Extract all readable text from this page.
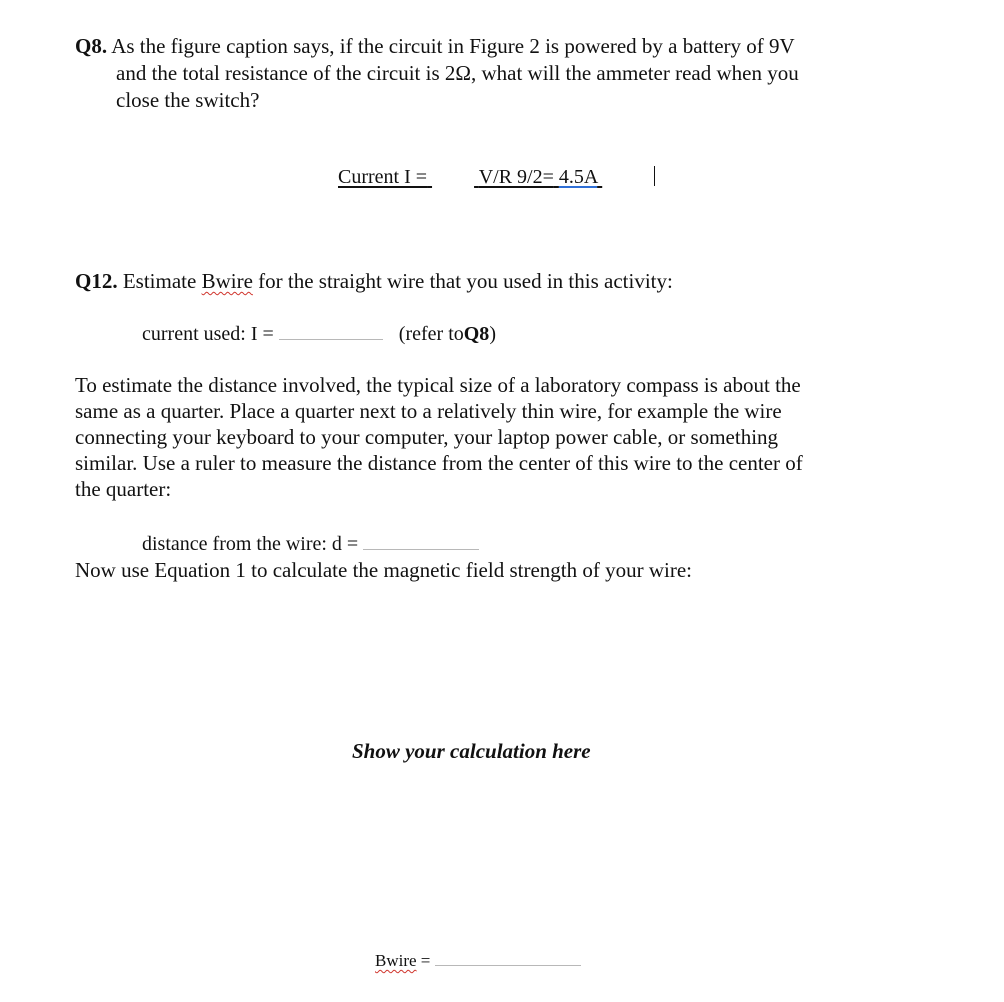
Q8. As the figure caption says, if the circuit in Figure 2 is powered by a battery of 9V
and the total resistance of the circuit is 2Ω, what will the ammeter read when you
close the switch?
Current I =	V/R 9/2= 4.5A
Q12. Estimate Bwire for the straight wire that you used in this activity:
current used: I =	(refer toQ8)
To estimate the distance involved, the typical size of a laboratory compass is about the
same as a quarter. Place a quarter next to a relatively thin wire, for example the wire
connecting your keyboard to your computer, your laptop power cable, or something
similar. Use a ruler to measure the distance from the center of this wire to the center of
the quarter:
distance from the wire: d =
Now use Equation 1 to calculate the magnetic field strength of your wire:
Show your calculation here
Bwire =
